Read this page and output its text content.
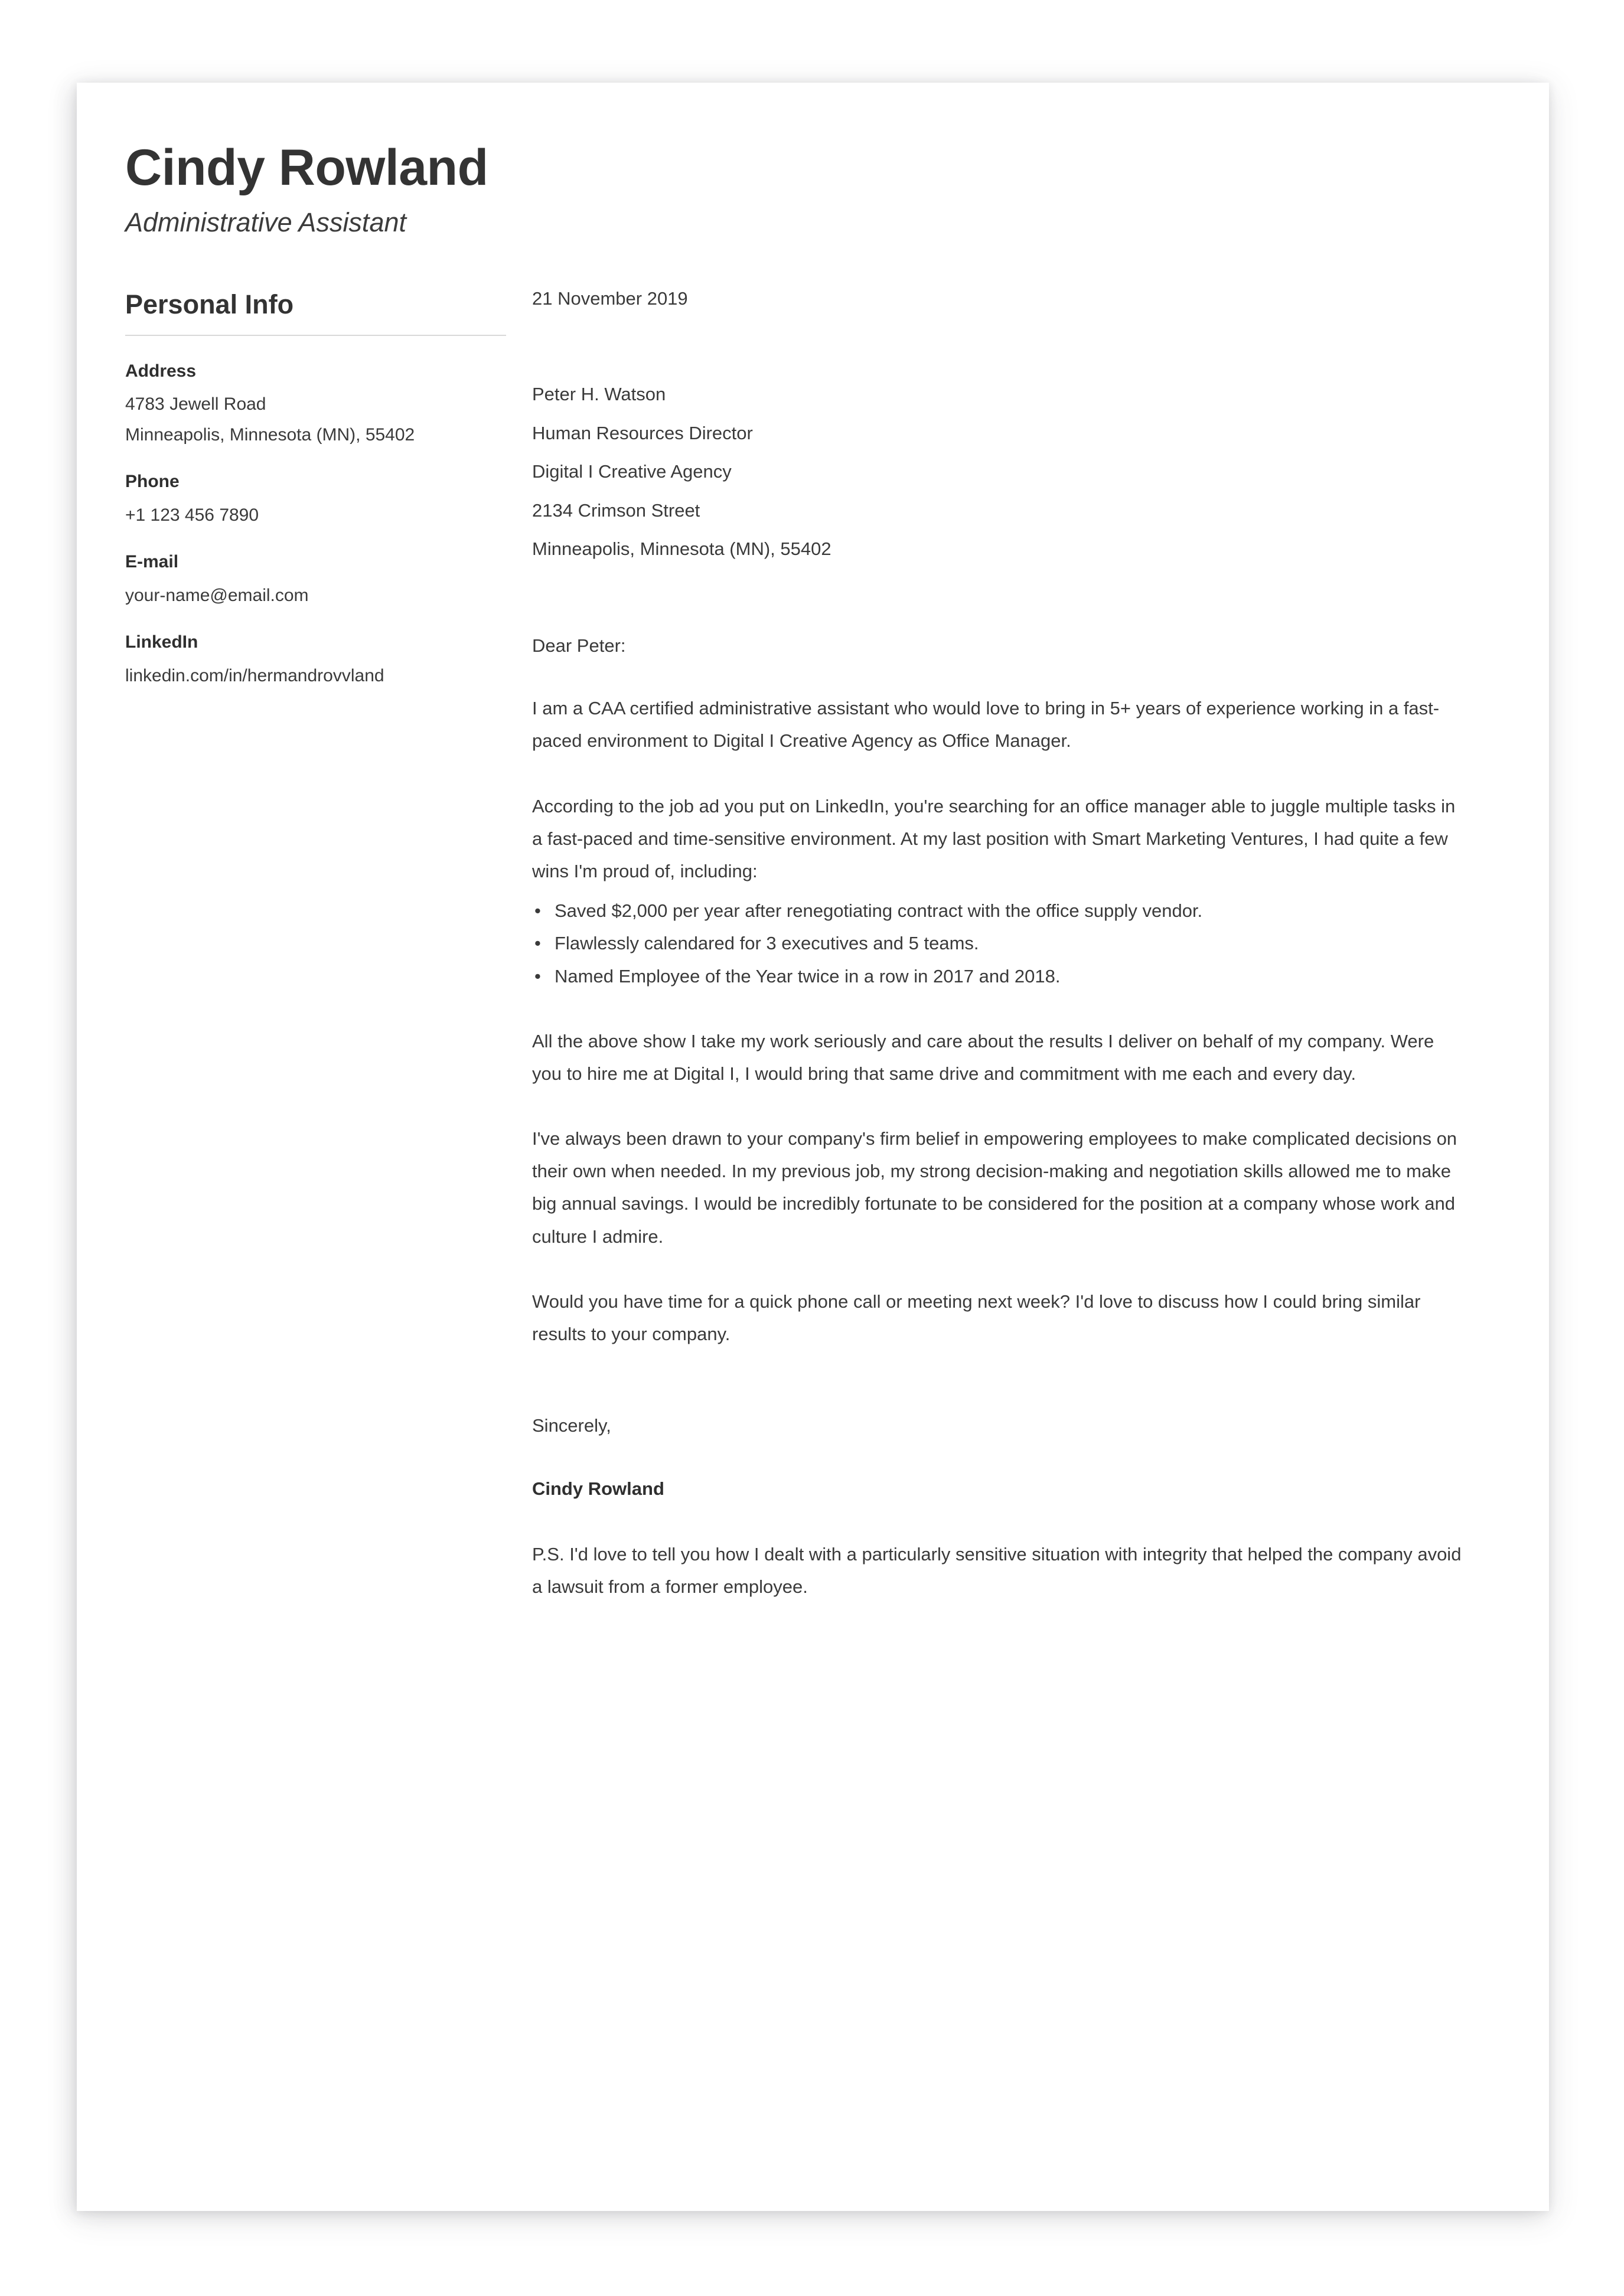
Cindy Rowland
Administrative Assistant
Personal Info
Address
4783 Jewell Road
Minneapolis, Minnesota (MN), 55402
Phone
+1 123 456 7890
E-mail
your-name@email.com
LinkedIn
linkedin.com/in/hermandrovvland
21 November 2019
Peter H. Watson
Human Resources Director
Digital I Creative Agency
2134 Crimson Street
Minneapolis, Minnesota (MN), 55402
Dear Peter:

I am a CAA certified administrative assistant who would love to bring in 5+ years of experience working in a fast-paced environment to Digital I Creative Agency as Office Manager.

According to the job ad you put on LinkedIn, you're searching for an office manager able to juggle multiple tasks in a fast-paced and time-sensitive environment. At my last position with Smart Marketing Ventures, I had quite a few wins I'm proud of, including:

• Saved $2,000 per year after renegotiating contract with the office supply vendor.
• Flawlessly calendared for 3 executives and 5 teams.
• Named Employee of the Year twice in a row in 2017 and 2018.

All the above show I take my work seriously and care about the results I deliver on behalf of my company. Were you to hire me at Digital I, I would bring that same drive and commitment with me each and every day.

I've always been drawn to your company's firm belief in empowering employees to make complicated decisions on their own when needed. In my previous job, my strong decision-making and negotiation skills allowed me to make big annual savings. I would be incredibly fortunate to be considered for the position at a company whose work and culture I admire.

Would you have time for a quick phone call or meeting next week? I'd love to discuss how I could bring similar results to your company.

Sincerely,
Cindy Rowland

P.S. I'd love to tell you how I dealt with a particularly sensitive situation with integrity that helped the company avoid a lawsuit from a former employee.
